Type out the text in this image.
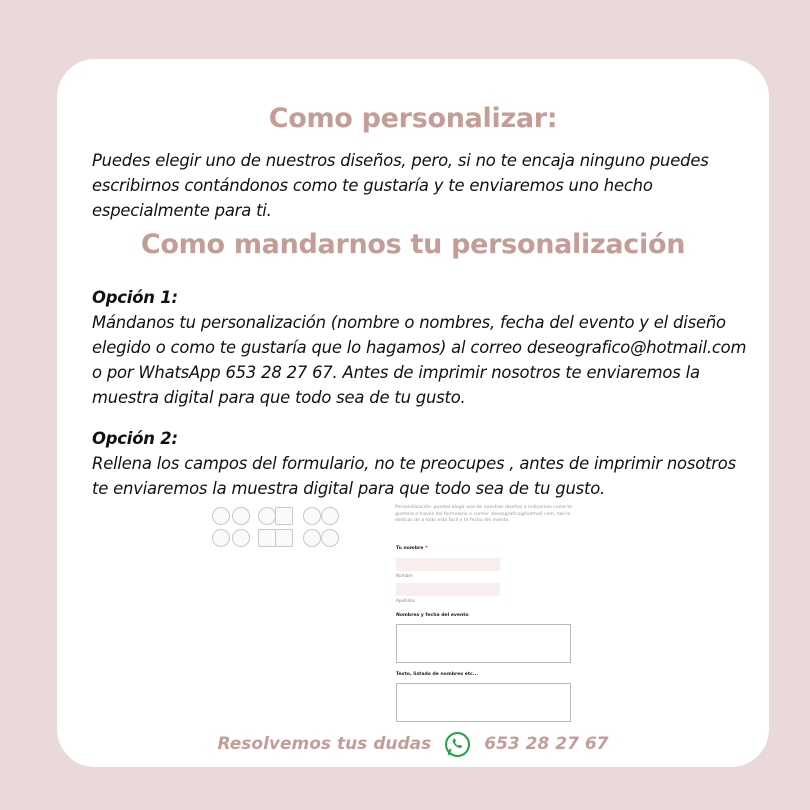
Como personalizar:
Puedes elegir uno de nuestros diseños, pero, si no te encaja ninguno puedes escribirnos contándonos como te gustaría y te enviaremos uno hecho especialmente para ti.
Como mandarnos tu personalización
Opción 1:
Mándanos tu personalización (nombre o nombres, fecha del evento y el diseño elegido o como te gustaría que lo hagamos) al correo deseografico@hotmail.com o por WhatsApp 653 28 27 67. Antes de imprimir nosotros te enviaremos la muestra digital para que todo sea de tu gusto.
Opción 2:
Rellena los campos del formulario, no te preocupes , antes de imprimir nosotros te enviaremos la muestra digital para que todo sea de tu gusto.
Personalización: puedes elegir uno de nuestros diseños o indicarnos como te gustaría a través del formulario o correo: deseografico@hotmail.com, nos lo dedicas de a todo esto facil y te fecha del evento.
Tu nombre *
Nombre
Apellidos
Nombres y fecha del evento
Texto, listado de nombres etc...
Resolvemos tus dudas	653 28 27 67
